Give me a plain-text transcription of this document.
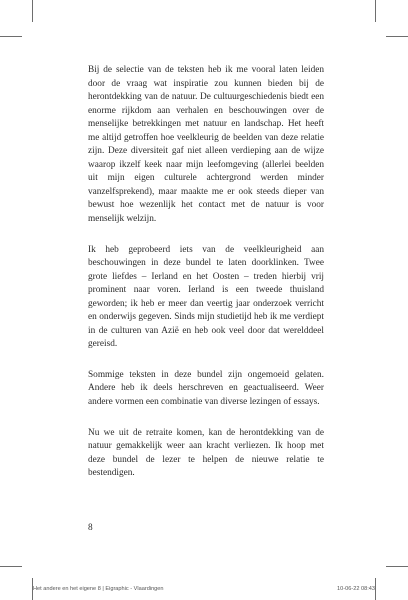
Bij de selectie van de teksten heb ik me vooral laten leiden door de vraag wat inspiratie zou kunnen bieden bij de herontdekking van de natuur. De cultuurgeschiedenis biedt een enorme rijkdom aan verhalen en beschouwingen over de menselijke betrekkingen met natuur en landschap. Het heeft me altijd getroffen hoe veelkleurig de beelden van deze relatie zijn. Deze diversiteit gaf niet alleen verdieping aan de wijze waarop ikzelf keek naar mijn leefomgeving (allerlei beelden uit mijn eigen culturele achtergrond werden minder vanzelfsprekend), maar maakte me er ook steeds dieper van bewust hoe wezenlijk het contact met de natuur is voor menselijk welzijn.

Ik heb geprobeerd iets van de veelkleurigheid aan beschouwingen in deze bundel te laten doorklinken. Twee grote liefdes – Ierland en het Oosten – treden hierbij vrij prominent naar voren. Ierland is een tweede thuisland geworden; ik heb er meer dan veertig jaar onderzoek verricht en onderwijs gegeven. Sinds mijn studietijd heb ik me verdiept in de culturen van Azië en heb ook veel door dat werelddeel gereisd.

Sommige teksten in deze bundel zijn ongemoeid gelaten. Andere heb ik deels herschreven en geactualiseerd. Weer andere vormen een combinatie van diverse lezingen of essays.

Nu we uit de retraite komen, kan de herontdekking van de natuur gemakkelijk weer aan kracht verliezen. Ik hoop met deze bundel de lezer te helpen de nieuwe relatie te bestendigen.

8
Het andere en het eigene 8 | Eigraphic - Vlaardingen	10-06-22 08:43
